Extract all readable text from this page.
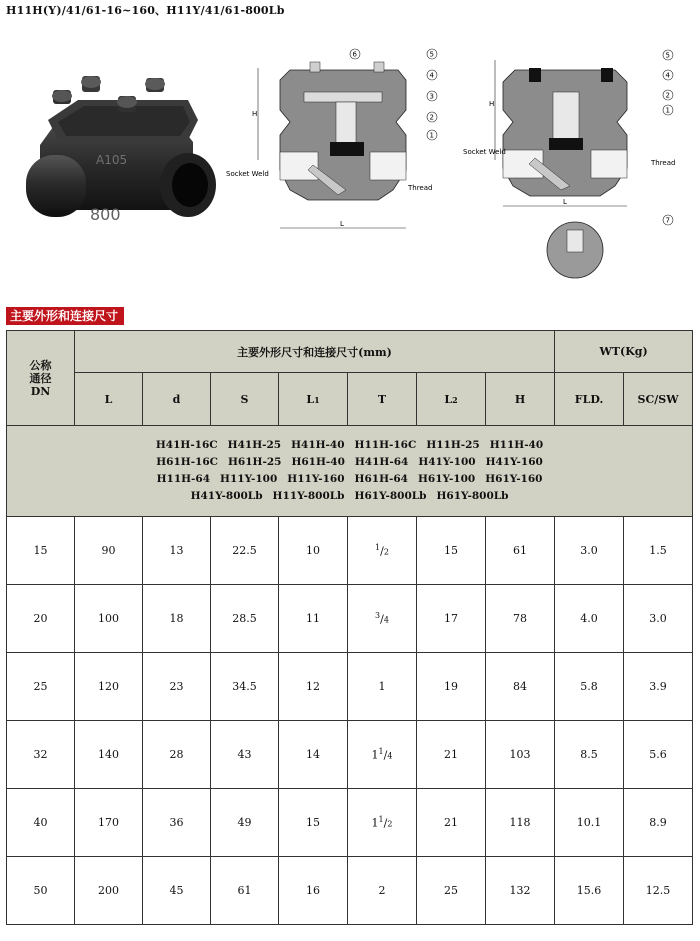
H11H(Y)/41/61-16~160、H11Y/41/61-800Lb
A105
800
H
L
Socket Weld
Thread
6	5
4
3
2
1
H
L
Socket Weld
Thread
5
4
2
1
7
主要外形和连接尺寸
公称
通径
DN	主要外形尺寸和连接尺寸(mm)							WT(Kg)	
	L	d	S	L1	T	L2	H	FLD.	SC/SW

H41H-16C H41H-25 H41H-40 H11H-16C H11H-25 H11H-40
H61H-16C H61H-25 H61H-40 H41H-64 H41Y-100 H41Y-160
H11H-64 H11Y-100 H11Y-160 H61H-64 H61Y-100 H61Y-160
H41Y-800Lb H11Y-800Lb H61Y-800Lb H61Y-800Lb									

15	90	13	22.5	10	$^1$/2	15	61	3.0	1.5
20	100	18	28.5	11	$^3$/4	17	78	4.0	3.0
25	120	23	34.5	12	1	19	84	5.8	3.9
32	140	28	43	14	$1^1/4$	21	103	8.5	5.6
40	170	36	49	15	$1^1/2$	21	118	10.1	8.9
50	200	45	61	16	2	25	132	15.6	12.5
